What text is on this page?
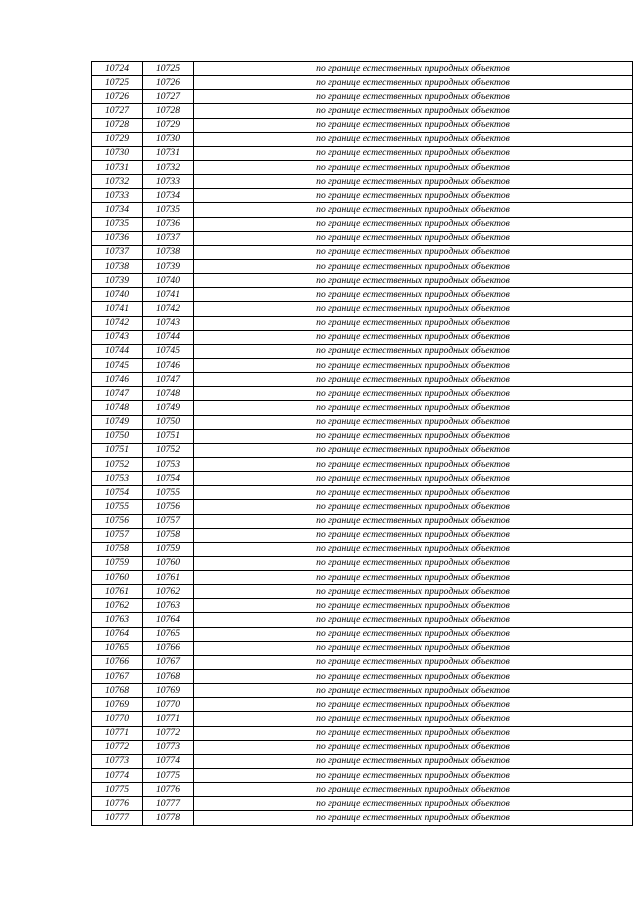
10724	10725	по границе естественных природных объектов
10725	10726	по границе естественных природных объектов
10726	10727	по границе естественных природных объектов
10727	10728	по границе естественных природных объектов
10728	10729	по границе естественных природных объектов
10729	10730	по границе естественных природных объектов
10730	10731	по границе естественных природных объектов
10731	10732	по границе естественных природных объектов
10732	10733	по границе естественных природных объектов
10733	10734	по границе естественных природных объектов
10734	10735	по границе естественных природных объектов
10735	10736	по границе естественных природных объектов
10736	10737	по границе естественных природных объектов
10737	10738	по границе естественных природных объектов
10738	10739	по границе естественных природных объектов
10739	10740	по границе естественных природных объектов
10740	10741	по границе естественных природных объектов
10741	10742	по границе естественных природных объектов
10742	10743	по границе естественных природных объектов
10743	10744	по границе естественных природных объектов
10744	10745	по границе естественных природных объектов
10745	10746	по границе естественных природных объектов
10746	10747	по границе естественных природных объектов
10747	10748	по границе естественных природных объектов
10748	10749	по границе естественных природных объектов
10749	10750	по границе естественных природных объектов
10750	10751	по границе естественных природных объектов
10751	10752	по границе естественных природных объектов
10752	10753	по границе естественных природных объектов
10753	10754	по границе естественных природных объектов
10754	10755	по границе естественных природных объектов
10755	10756	по границе естественных природных объектов
10756	10757	по границе естественных природных объектов
10757	10758	по границе естественных природных объектов
10758	10759	по границе естественных природных объектов
10759	10760	по границе естественных природных объектов
10760	10761	по границе естественных природных объектов
10761	10762	по границе естественных природных объектов
10762	10763	по границе естественных природных объектов
10763	10764	по границе естественных природных объектов
10764	10765	по границе естественных природных объектов
10765	10766	по границе естественных природных объектов
10766	10767	по границе естественных природных объектов
10767	10768	по границе естественных природных объектов
10768	10769	по границе естественных природных объектов
10769	10770	по границе естественных природных объектов
10770	10771	по границе естественных природных объектов
10771	10772	по границе естественных природных объектов
10772	10773	по границе естественных природных объектов
10773	10774	по границе естественных природных объектов
10774	10775	по границе естественных природных объектов
10775	10776	по границе естественных природных объектов
10776	10777	по границе естественных природных объектов
10777	10778	по границе естественных природных объектов
